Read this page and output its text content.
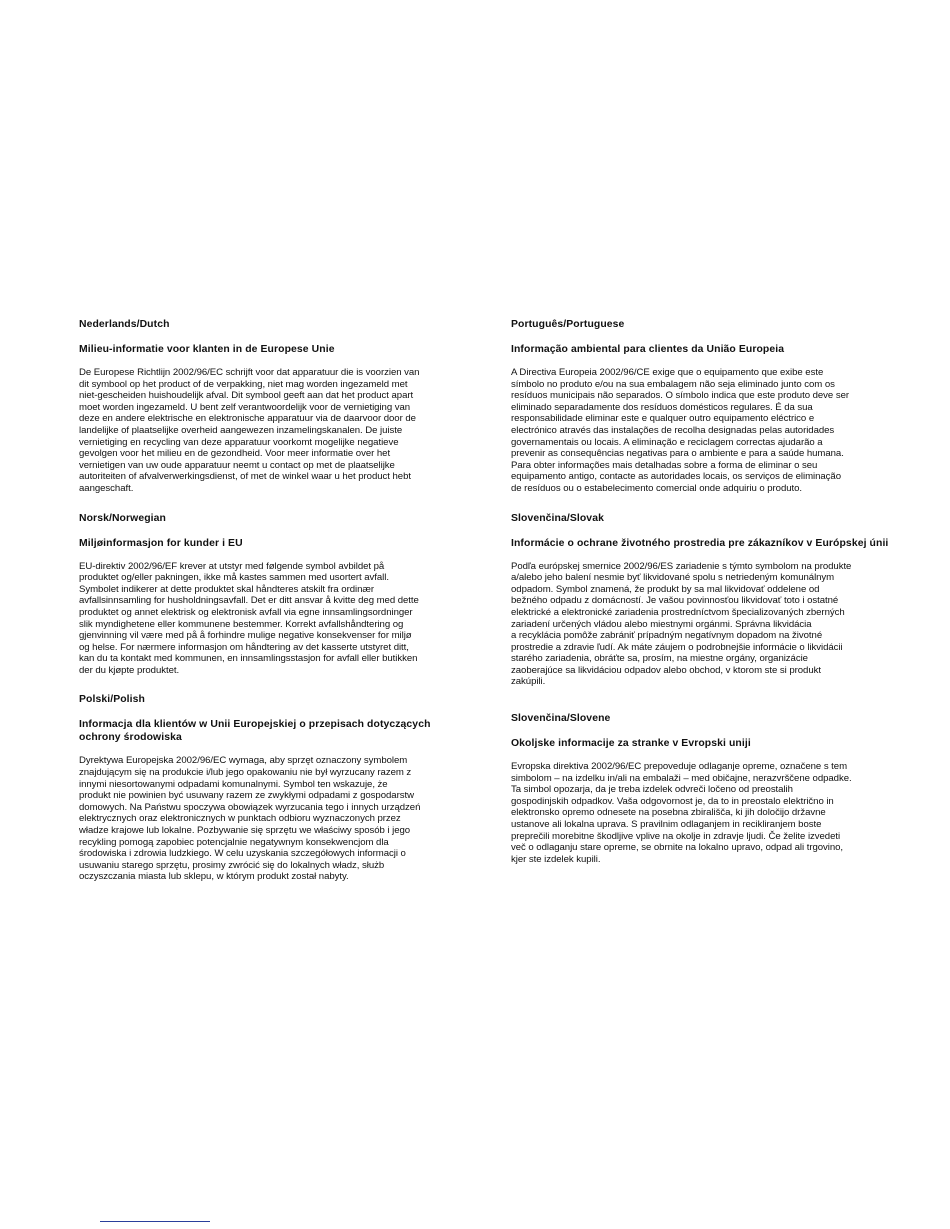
Nederlands/Dutch

Milieu-informatie voor klanten in de Europese Unie

De Europese Richtlijn 2002/96/EC schrijft voor dat apparatuur die is voorzien van
dit symbool op het product of de verpakking, niet mag worden ingezameld met
niet-gescheiden huishoudelijk afval. Dit symbool geeft aan dat het product apart
moet worden ingezameld. U bent zelf verantwoordelijk voor de vernietiging van
deze en andere elektrische en elektronische apparatuur via de daarvoor door de
landelijke of plaatselijke overheid aangewezen inzamelingskanalen. De juiste
vernietiging en recycling van deze apparatuur voorkomt mogelijke negatieve
gevolgen voor het milieu en de gezondheid. Voor meer informatie over het
vernietigen van uw oude apparatuur neemt u contact op met de plaatselijke
autoriteiten of afvalverwerkingsdienst, of met de winkel waar u het product hebt
aangeschaft.

Norsk/Norwegian

Miljøinformasjon for kunder i EU

EU-direktiv 2002/96/EF krever at utstyr med følgende symbol avbildet på
produktet og/eller pakningen, ikke må kastes sammen med usortert avfall.
Symbolet indikerer at dette produktet skal håndteres atskilt fra ordinær
avfallsinnsamling for husholdningsavfall. Det er ditt ansvar å kvitte deg med dette
produktet og annet elektrisk og elektronisk avfall via egne innsamlingsordninger
slik myndighetene eller kommunene bestemmer. Korrekt avfallshåndtering og
gjenvinning vil være med på å forhindre mulige negative konsekvenser for miljø
og helse. For nærmere informasjon om håndtering av det kasserte utstyret ditt,
kan du ta kontakt med kommunen, en innsamlingsstasjon for avfall eller butikken
der du kjøpte produktet.

Polski/Polish

Informacja dla klientów w Unii Europejskiej o przepisach dotyczących
ochrony środowiska

Dyrektywa Europejska 2002/96/EC wymaga, aby sprzęt oznaczony symbolem
znajdującym się na produkcie i/lub jego opakowaniu nie był wyrzucany razem z
innymi niesortowanymi odpadami komunalnymi. Symbol ten wskazuje, że
produkt nie powinien być usuwany razem ze zwykłymi odpadami z gospodarstw
domowych. Na Państwu spoczywa obowiązek wyrzucania tego i innych urządzeń
elektrycznych oraz elektronicznych w punktach odbioru wyznaczonych przez
władze krajowe lub lokalne. Pozbywanie się sprzętu we właściwy sposób i jego
recykling pomogą zapobiec potencjalnie negatywnym konsekwencjom dla
środowiska i zdrowia ludzkiego. W celu uzyskania szczegółowych informacji o
usuwaniu starego sprzętu, prosimy zwrócić się do lokalnych władz, służb
oczyszczania miasta lub sklepu, w którym produkt został nabyty.

Português/Portuguese

Informação ambiental para clientes da União Europeia

A Directiva Europeia 2002/96/CE exige que o equipamento que exibe este
símbolo no produto e/ou na sua embalagem não seja eliminado junto com os
resíduos municipais não separados. O símbolo indica que este produto deve ser
eliminado separadamente dos resíduos domésticos regulares. É da sua
responsabilidade eliminar este e qualquer outro equipamento eléctrico e
electrónico através das instalações de recolha designadas pelas autoridades
governamentais ou locais. A eliminação e reciclagem correctas ajudarão a
prevenir as consequências negativas para o ambiente e para a saúde humana.
Para obter informações mais detalhadas sobre a forma de eliminar o seu
equipamento antigo, contacte as autoridades locais, os serviços de eliminação
de resíduos ou o estabelecimento comercial onde adquiriu o produto.

Slovenčina/Slovak

Informácie o ochrane životného prostredia pre zákazníkov v Európskej únii

Podľa európskej smernice 2002/96/ES zariadenie s týmto symbolom na produkte
a/alebo jeho balení nesmie byť likvidované spolu s netriedeným komunálnym
odpadom. Symbol znamená, že produkt by sa mal likvidovať oddelene od
bežného odpadu z domácností. Je vašou povinnosťou likvidovať toto i ostatné
elektrické a elektronické zariadenia prostredníctvom špecializovaných zberných
zariadení určených vládou alebo miestnymi orgánmi. Správna likvidácia
a recyklácia pomôže zabrániť prípadným negatívnym dopadom na životné
prostredie a zdravie ľudí. Ak máte záujem o podrobnejšie informácie o likvidácii
starého zariadenia, obráťte sa, prosím, na miestne orgány, organizácie
zaoberajúce sa likvidáciou odpadov alebo obchod, v ktorom ste si produkt
zakúpili.

Slovenčina/Slovene

Okoljske informacije za stranke v Evropski uniji

Evropska direktiva 2002/96/EC prepoveduje odlaganje opreme, označene s tem
simbolom – na izdelku in/ali na embalaži – med običajne, nerazvrščene odpadke.
Ta simbol opozarja, da je treba izdelek odvreči ločeno od preostalih
gospodinjskih odpadkov. Vaša odgovornost je, da to in preostalo električno in
elektronsko opremo odnesete na posebna zbirališča, ki jih določijo državne
ustanove ali lokalna uprava. S pravilnim odlaganjem in recikliranjem boste
preprečili morebitne škodljive vplive na okolje in zdravje ljudi. Če želite izvedeti
več o odlaganju stare opreme, se obrnite na lokalno upravo, odpad ali trgovino,
kjer ste izdelek kupili.
